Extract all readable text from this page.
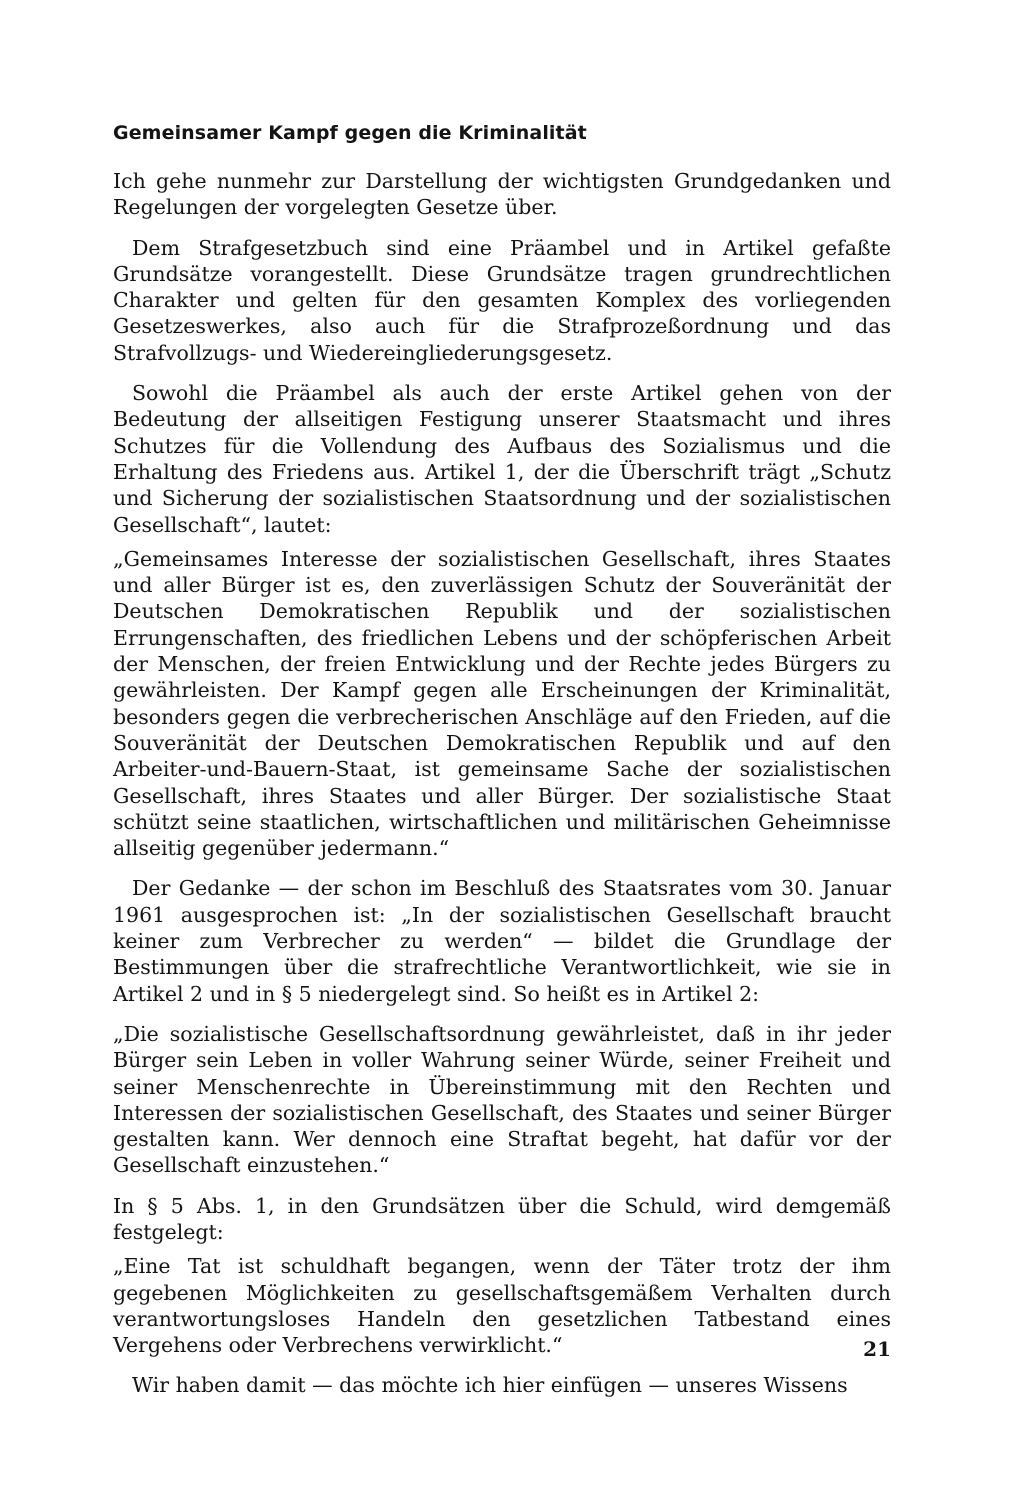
Gemeinsamer Kampf gegen die Kriminalität

Ich gehe nunmehr zur Darstellung der wichtigsten Grundgedanken und Regelungen der vorgelegten Gesetze über.

Dem Strafgesetzbuch sind eine Präambel und in Artikel gefaßte Grundsätze vorangestellt. Diese Grundsätze tragen grundrechtlichen Charakter und gelten für den gesamten Komplex des vorliegenden Gesetzeswerkes, also auch für die Strafprozeßordnung und das Strafvollzugs- und Wiedereingliederungsgesetz.

Sowohl die Präambel als auch der erste Artikel gehen von der Bedeutung der allseitigen Festigung unserer Staatsmacht und ihres Schutzes für die Vollendung des Aufbaus des Sozialismus und die Erhaltung des Friedens aus. Artikel 1, der die Überschrift trägt „Schutz und Sicherung der sozialistischen Staatsordnung und der sozialistischen Gesellschaft“, lautet:

„Gemeinsames Interesse der sozialistischen Gesellschaft, ihres Staates und aller Bürger ist es, den zuverlässigen Schutz der Souveränität der Deutschen Demokratischen Republik und der sozialistischen Errungenschaften, des friedlichen Lebens und der schöpferischen Arbeit der Menschen, der freien Entwicklung und der Rechte jedes Bürgers zu gewährleisten. Der Kampf gegen alle Erscheinungen der Kriminalität, besonders gegen die verbrecherischen Anschläge auf den Frieden, auf die Souveränität der Deutschen Demokratischen Republik und auf den Arbeiter-und-Bauern-Staat, ist gemeinsame Sache der sozialistischen Gesellschaft, ihres Staates und aller Bürger. Der sozialistische Staat schützt seine staatlichen, wirtschaftlichen und militärischen Geheimnisse allseitig gegenüber jedermann.“

Der Gedanke — der schon im Beschluß des Staatsrates vom 30. Januar 1961 ausgesprochen ist: „In der sozialistischen Gesellschaft braucht keiner zum Verbrecher zu werden“ — bildet die Grundlage der Bestimmungen über die strafrechtliche Verantwortlichkeit, wie sie in Artikel 2 und in § 5 niedergelegt sind. So heißt es in Artikel 2:

„Die sozialistische Gesellschaftsordnung gewährleistet, daß in ihr jeder Bürger sein Leben in voller Wahrung seiner Würde, seiner Freiheit und seiner Menschenrechte in Übereinstimmung mit den Rechten und Interessen der sozialistischen Gesellschaft, des Staates und seiner Bürger gestalten kann. Wer dennoch eine Straftat begeht, hat dafür vor der Gesellschaft einzustehen.“

In § 5 Abs. 1, in den Grundsätzen über die Schuld, wird demgemäß festgelegt:

„Eine Tat ist schuldhaft begangen, wenn der Täter trotz der ihm gegebenen Möglichkeiten zu gesellschaftsgemäßem Verhalten durch verantwortungsloses Handeln den gesetzlichen Tatbestand eines Vergehens oder Verbrechens verwirklicht.“

Wir haben damit — das möchte ich hier einfügen — unseres Wissens

21
